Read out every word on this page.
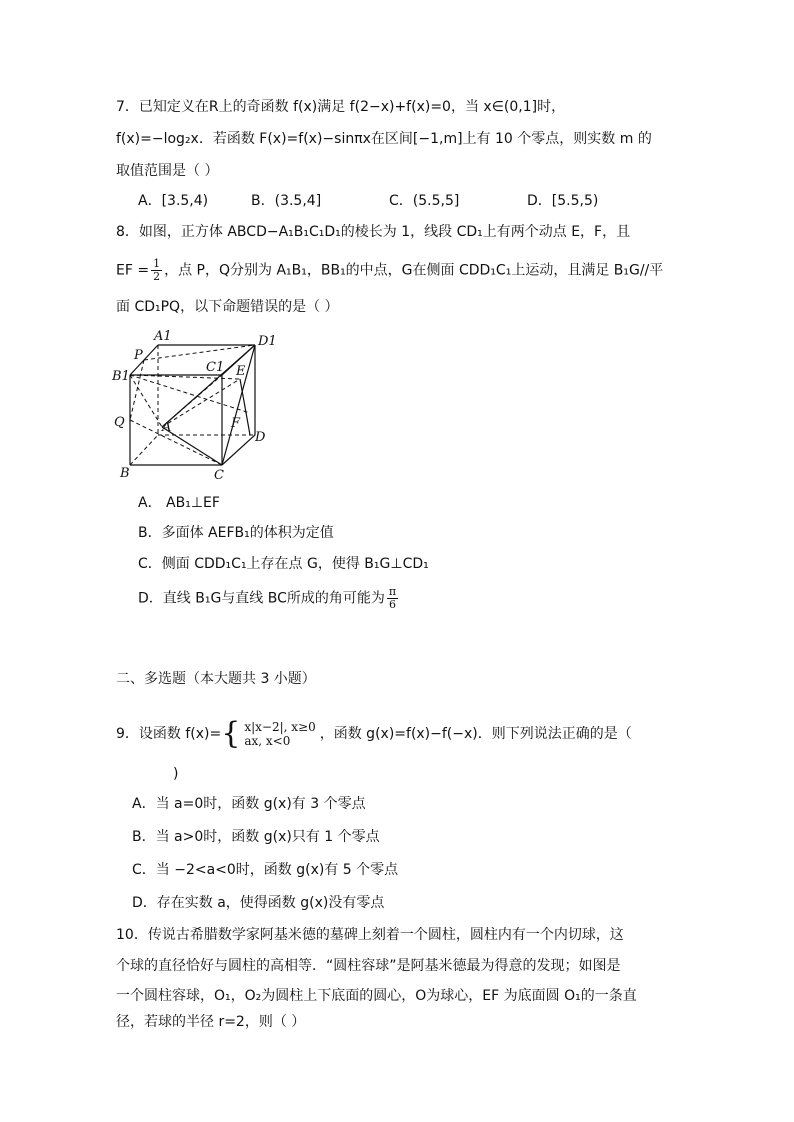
7．已知定义在R上的奇函数 f(x)满足 f(2−x)+f(x)=0，当 x∈(0,1]时，
f(x)=−log₂x．若函数 F(x)=f(x)−sinπx在区间[−1,m]上有 10 个零点，则实数 m 的
取值范围是（ ）
A．[3.5,4)	B．(3.5,4]	C．(5.5,5]	D．[5.5,5)
8．如图，正方体 ABCD−A₁B₁C₁D₁的棱长为 1，线段 CD₁上有两个动点 E，F，且
EF = $\frac{1}{2}$ ，点 P，Q分别为 A₁B₁，BB₁的中点，G在侧面 CDD₁C₁上运动，且满足 B₁G//平
面 CD₁PQ，以下命题错误的是（ ）
A1	D1
P
B1
C1 E
Q	A	F
D
B	C
A． AB₁⊥EF
B．多面体 AEFB₁的体积为定值
C．侧面 CDD₁C₁上存在点 G，使得 B₁G⊥CD₁
D．直线 B₁G与直线 BC所成的角可能为 $\frac{\pi}{6}$
二、多选题（本大题共 3 小题）
9．设函数 f(x)={ x|x−2|, x≥0
ax, x<0	，函数 g(x)=f(x)−f(−x)．则下列说法正确的是（
)
A．当 a=0时，函数 g(x)有 3 个零点
B．当 a>0时，函数 g(x)只有 1 个零点
C．当 −2<a<0时，函数 g(x)有 5 个零点
D．存在实数 a，使得函数 g(x)没有零点
10．传说古希腊数学家阿基米德的墓碑上刻着一个圆柱，圆柱内有一个内切球，这
个球的直径恰好与圆柱的高相等．“圆柱容球”是阿基米德最为得意的发现；如图是
一个圆柱容球，O₁，O₂为圆柱上下底面的圆心，O为球心，EF 为底面圆 O₁的一条直
径，若球的半径 r=2，则（ ）
